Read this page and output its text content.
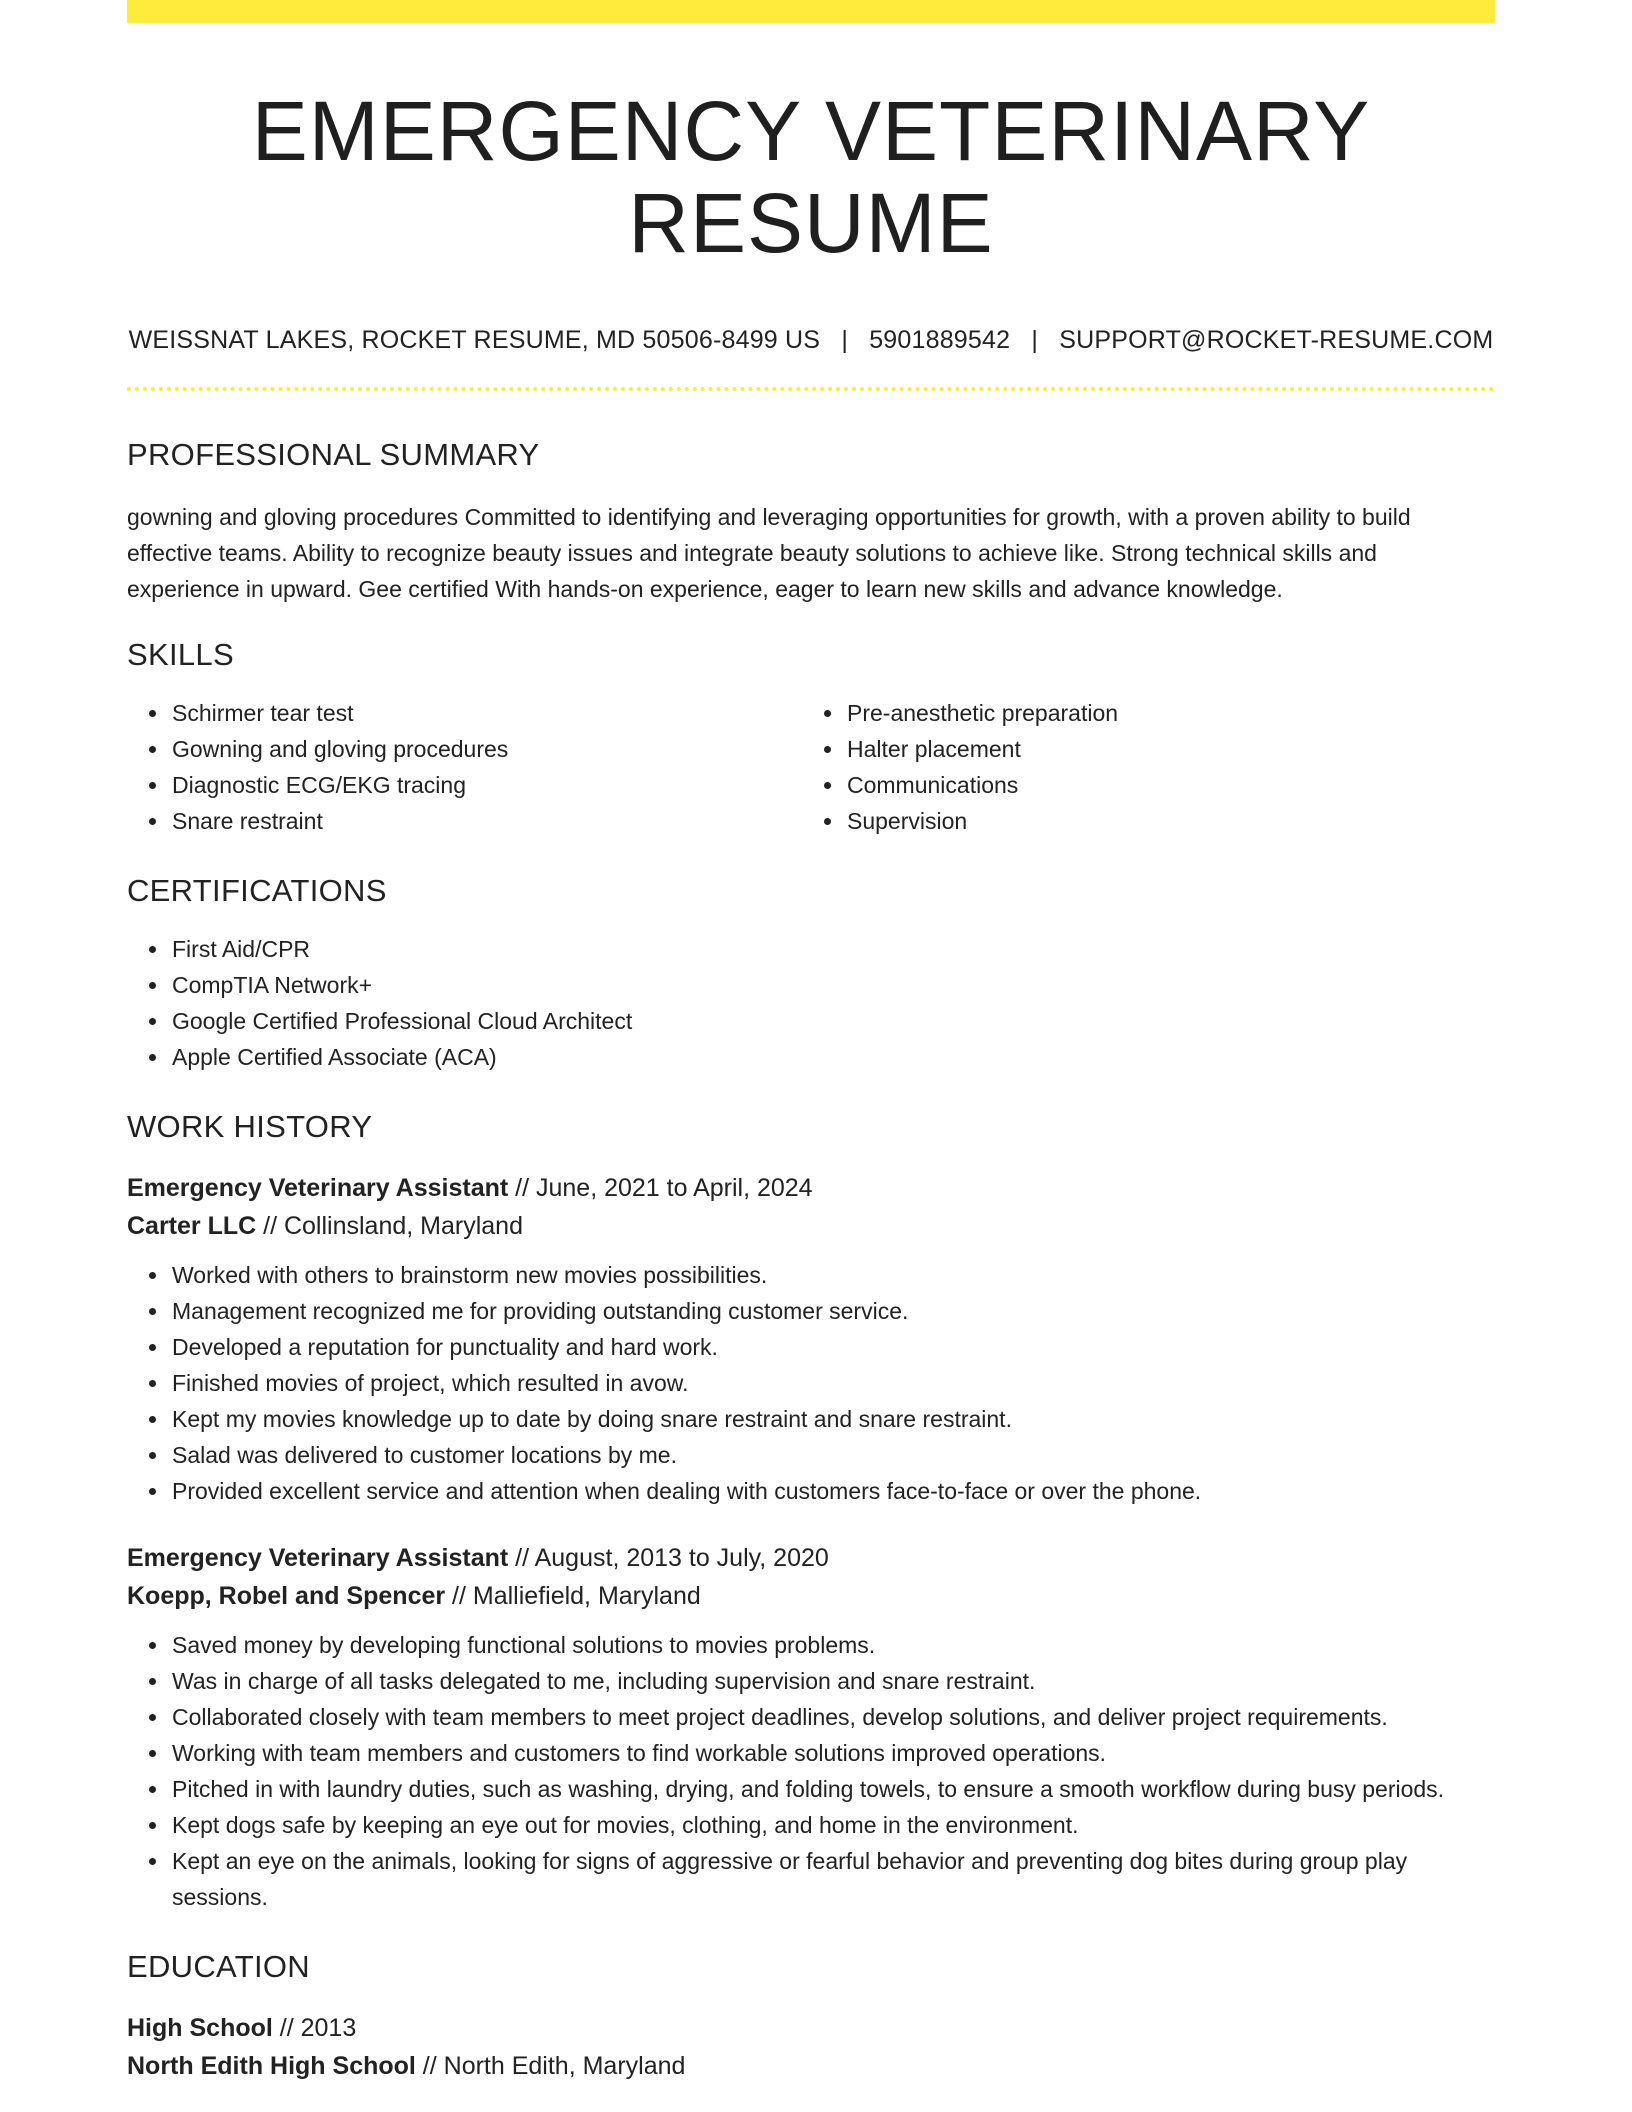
EMERGENCY VETERINARY RESUME
WEISSNAT LAKES, ROCKET RESUME, MD 50506-8499 US | 5901889542 | SUPPORT@ROCKET-RESUME.COM
PROFESSIONAL SUMMARY

gowning and gloving procedures Committed to identifying and leveraging opportunities for growth, with a proven ability to build effective teams. Ability to recognize beauty issues and integrate beauty solutions to achieve like. Strong technical skills and experience in upward. Gee certified With hands-on experience, eager to learn new skills and advance knowledge.

SKILLS
• Schirmer tear test
• Gowning and gloving procedures
• Diagnostic ECG/EKG tracing
• Snare restraint
• Pre-anesthetic preparation
• Halter placement
• Communications
• Supervision
CERTIFICATIONS
• First Aid/CPR
• CompTIA Network+
• Google Certified Professional Cloud Architect
• Apple Certified Associate (ACA)
WORK HISTORY
Emergency Veterinary Assistant // June, 2021 to April, 2024
Carter LLC // Collinsland, Maryland
• Worked with others to brainstorm new movies possibilities.
• Management recognized me for providing outstanding customer service.
• Developed a reputation for punctuality and hard work.
• Finished movies of project, which resulted in avow.
• Kept my movies knowledge up to date by doing snare restraint and snare restraint.
• Salad was delivered to customer locations by me.
• Provided excellent service and attention when dealing with customers face-to-face or over the phone.
Emergency Veterinary Assistant // August, 2013 to July, 2020
Koepp, Robel and Spencer // Malliefield, Maryland
• Saved money by developing functional solutions to movies problems.
• Was in charge of all tasks delegated to me, including supervision and snare restraint.
• Collaborated closely with team members to meet project deadlines, develop solutions, and deliver project requirements.
• Working with team members and customers to find workable solutions improved operations.
• Pitched in with laundry duties, such as washing, drying, and folding towels, to ensure a smooth workflow during busy periods.
• Kept dogs safe by keeping an eye out for movies, clothing, and home in the environment.
• Kept an eye on the animals, looking for signs of aggressive or fearful behavior and preventing dog bites during group play sessions.
EDUCATION
High School // 2013
North Edith High School // North Edith, Maryland
